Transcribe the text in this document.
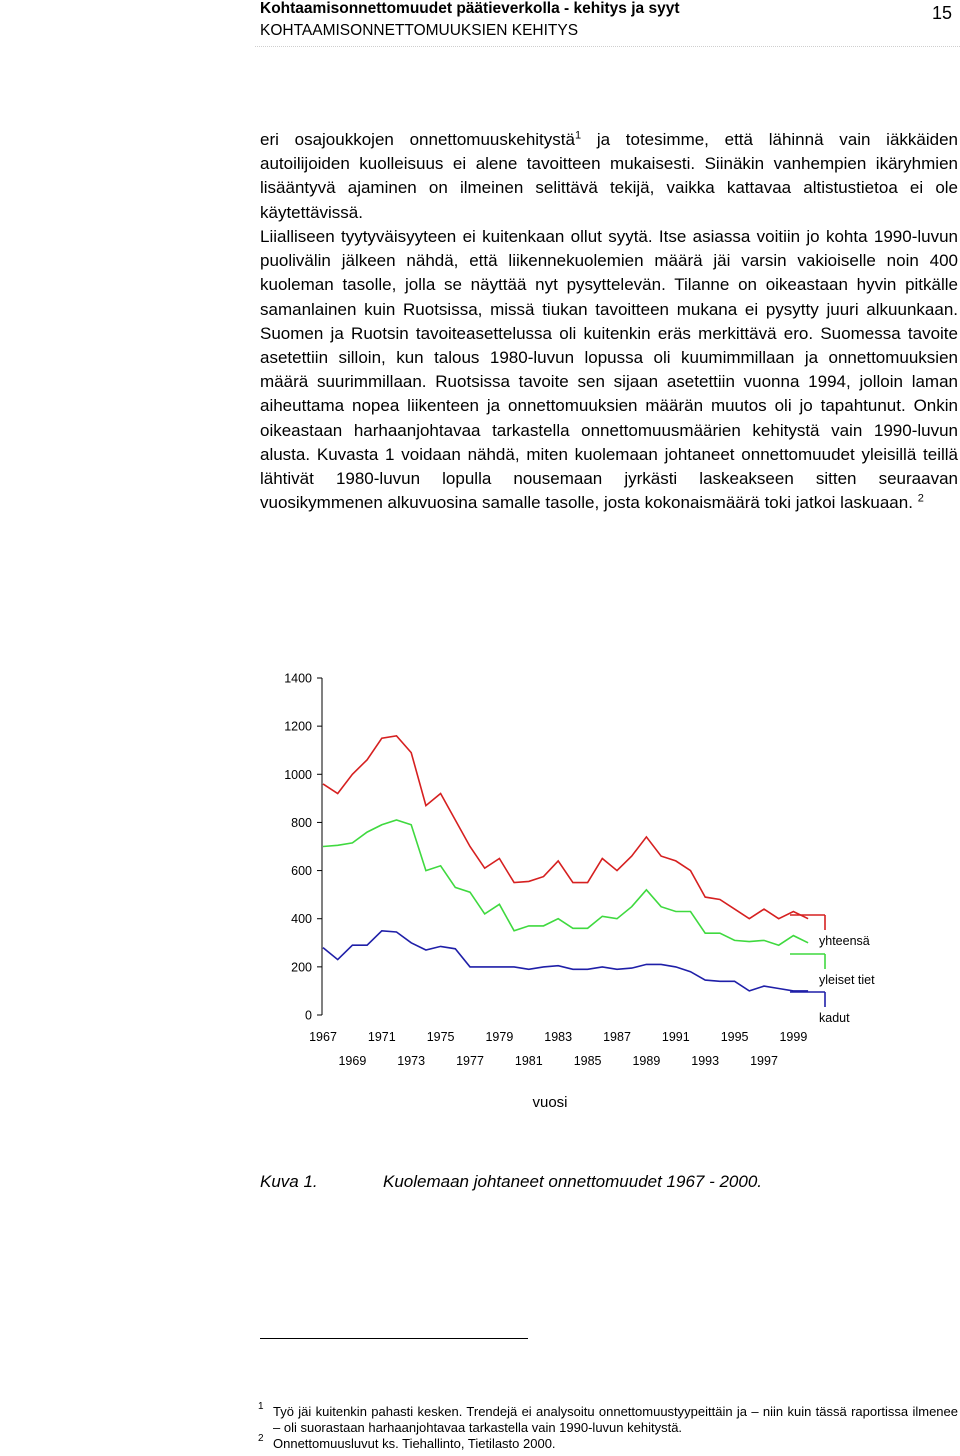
Kohtaamisonnettomuudet päätieverkolla - kehitys ja syyt
KOHTAAMISONNETTOMUUKSIEN KEHITYS
15

eri osajoukkojen onnettomuuskehitystä$^1$ ja totesimme, että lähinnä vain iäkkäiden autoilijoiden kuolleisuus ei alene tavoitteen mukaisesti. Siinäkin vanhempien ikäryhmien lisääntyvä ajaminen on ilmeinen selittävä tekijä, vaikka kattavaa altistustietoa ei ole käytettävissä.

Liialliseen tyytyväisyyteen ei kuitenkaan ollut syytä. Itse asiassa voitiin jo kohta 1990-luvun puolivälin jälkeen nähdä, että liikennekuolemien määrä jäi varsin vakioiselle noin 400 kuoleman tasolle, jolla se näyttää nyt pysyttelevän. Tilanne on oikeastaan hyvin pitkälle samanlainen kuin Ruotsissa, missä tiukan tavoitteen mukana ei pysytty juuri alkuunkaan. Suomen ja Ruotsin tavoiteasettelussa oli kuitenkin eräs merkittävä ero. Suomessa tavoite asetettiin silloin, kun talous 1980-luvun lopussa oli kuumimmillaan ja onnettomuuksien määrä suurimmillaan. Ruotsissa tavoite sen sijaan asetettiin vuonna 1994, jolloin laman aiheuttama nopea liikenteen ja onnettomuuksien määrän muutos oli jo tapahtunut. Onkin oikeastaan harhaanjohtavaa tarkastella onnettomuusmäärien kehitystä vain 1990-luvun alusta. Kuvasta 1 voidaan nähdä, miten kuolemaan johtaneet onnettomuudet yleisillä teillä lähtivät 1980-luvun lopulla nousemaan jyrkästi laskeakseen sitten seuraavan vuosikymmenen alkuvuosina samalle tasolle, josta kokonaismäärä toki jatkoi laskuaan. $^2$

0
200
400
600
800
1000
1200
1400
1967 1971 1975 1979 1983 1987 1991 1995 1999
1969 1973 1977 1981 1985 1989 1993 1997
yhteensä
yleiset tiet
kadut
vuosi
Kuva 1.	Kuolemaan johtaneet onnettomuudet 1967 - 2000.
1 Työ jäi kuitenkin pahasti kesken. Trendejä ei analysoitu onnettomuustyypeittäin ja – niin kuin tässä raportissa ilmenee – oli suorastaan harhaanjohtavaa tarkastella vain 1990-luvun kehitystä.
2 Onnettomuusluvut ks. Tiehallinto, Tietilasto 2000.
